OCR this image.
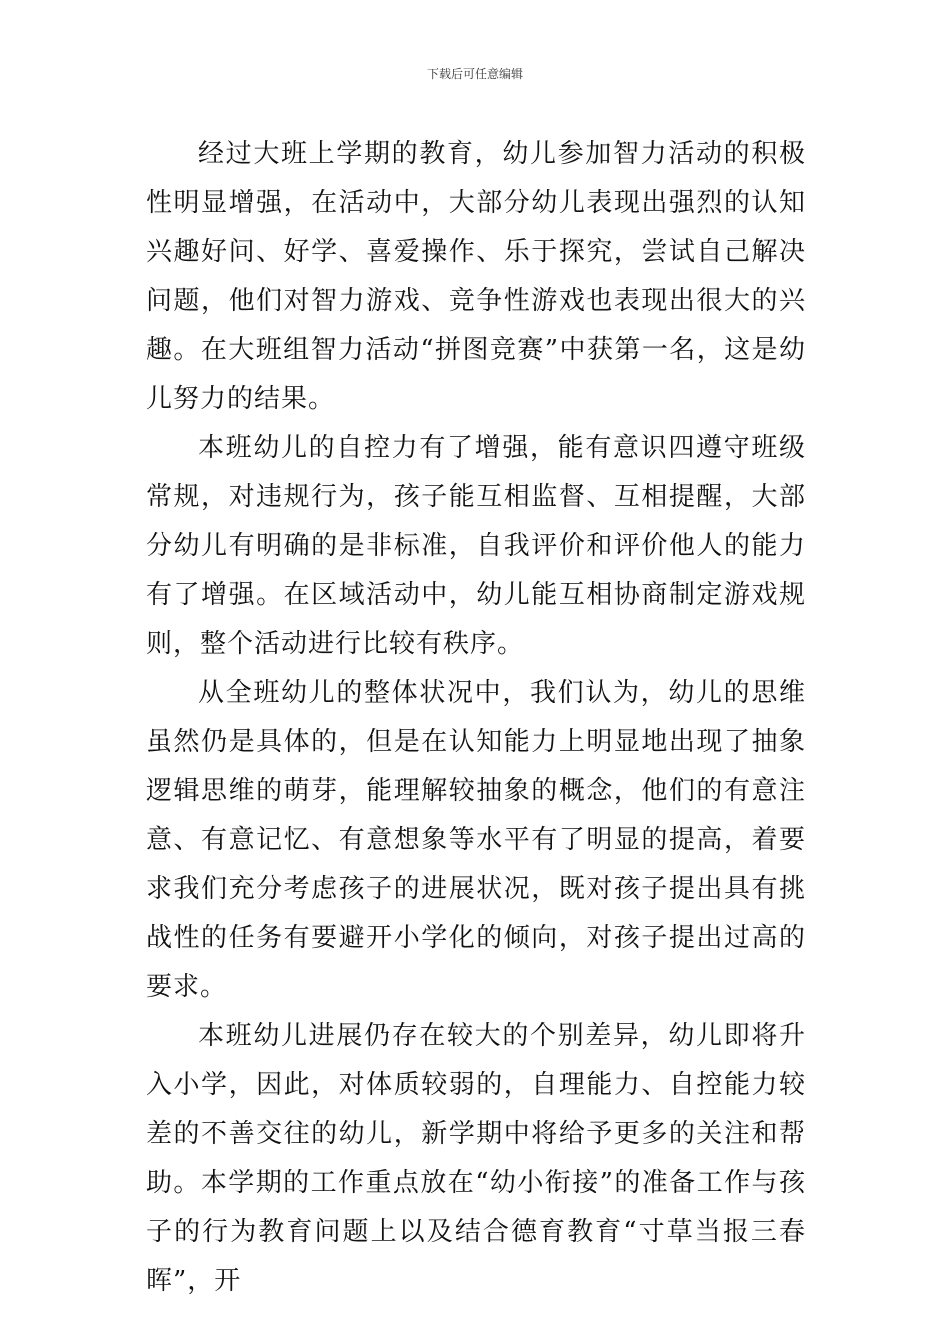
下载后可任意编辑

经过大班上学期的教育，幼儿参加智力活动的积极性明显增强，在活动中，大部分幼儿表现出强烈的认知兴趣好问、好学、喜爱操作、乐于探究，尝试自己解决问题，他们对智力游戏、竞争性游戏也表现出很大的兴趣。在大班组智力活动“拼图竞赛”中获第一名，这是幼儿努力的结果。

本班幼儿的自控力有了增强，能有意识四遵守班级常规，对违规行为，孩子能互相监督、互相提醒，大部分幼儿有明确的是非标准，自我评价和评价他人的能力有了增强。在区域活动中，幼儿能互相协商制定游戏规则，整个活动进行比较有秩序。

从全班幼儿的整体状况中，我们认为，幼儿的思维虽然仍是具体的，但是在认知能力上明显地出现了抽象逻辑思维的萌芽，能理解较抽象的概念，他们的有意注意、有意记忆、有意想象等水平有了明显的提高，着要求我们充分考虑孩子的进展状况，既对孩子提出具有挑战性的任务有要避开小学化的倾向，对孩子提出过高的要求。

本班幼儿进展仍存在较大的个别差异，幼儿即将升入小学，因此，对体质较弱的，自理能力、自控能力较差的不善交往的幼儿，新学期中将给予更多的关注和帮助。本学期的工作重点放在“幼小衔接”的准备工作与孩子的行为教育问题上以及结合德育教育“寸草当报三春晖”，开
